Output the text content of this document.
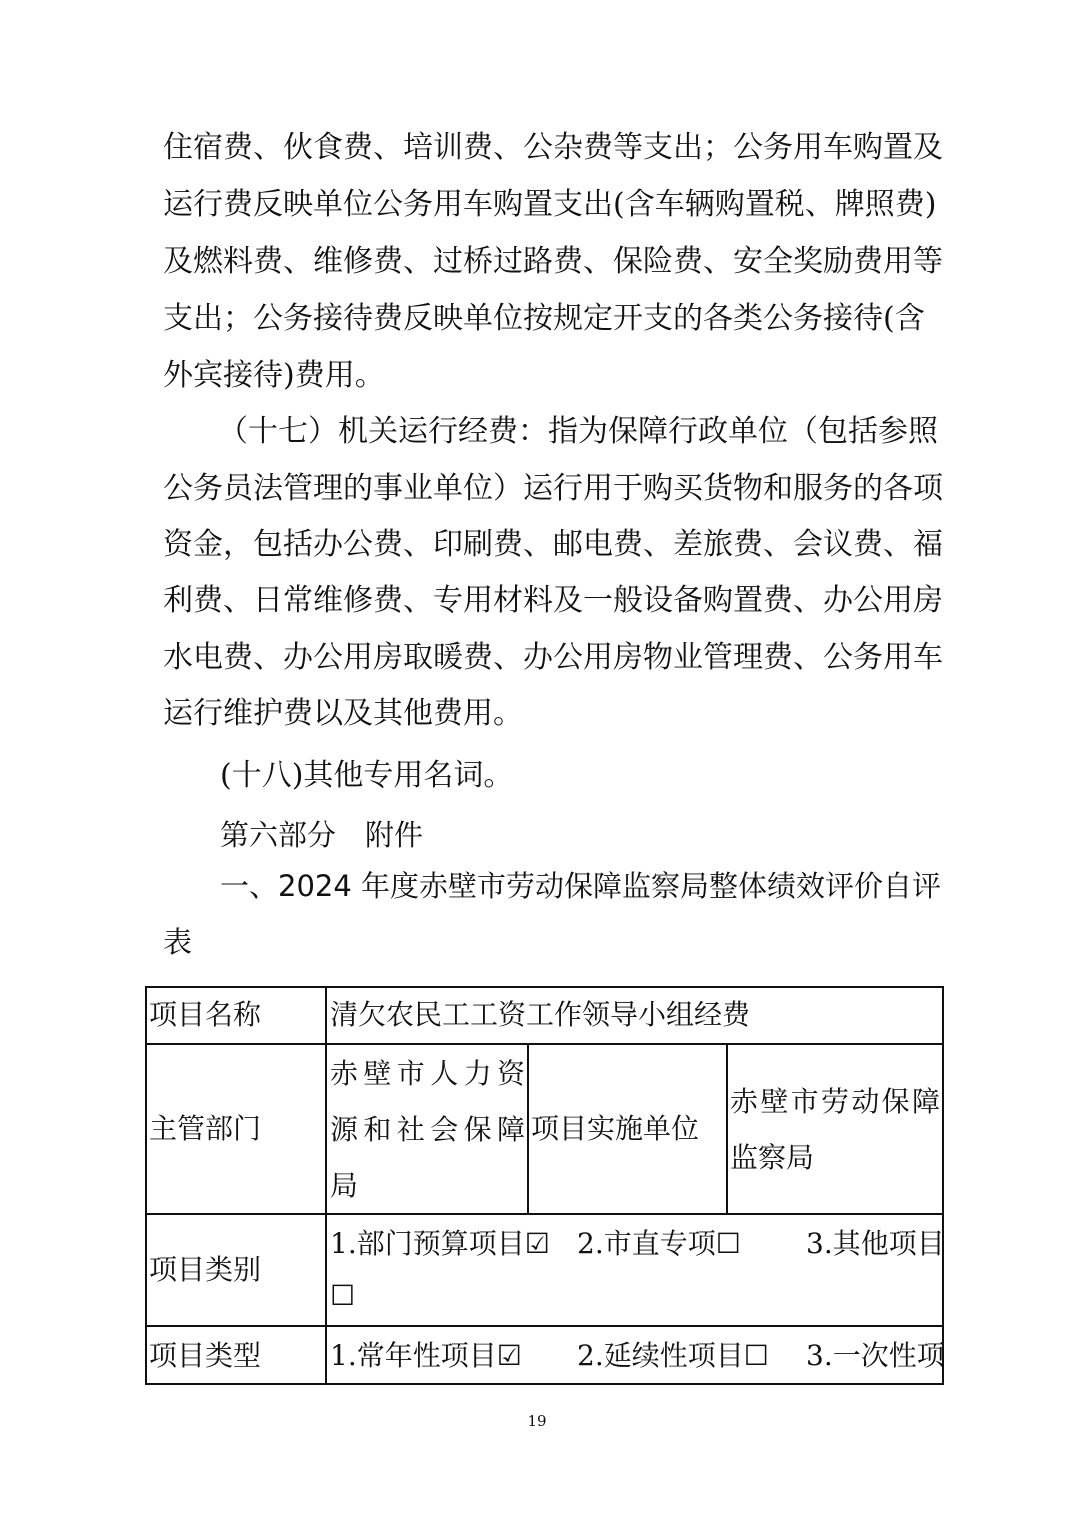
住宿费、伙食费、培训费、公杂费等支出；公务用车购置及
运行费反映单位公务用车购置支出(含车辆购置税、牌照费)
及燃料费、维修费、过桥过路费、保险费、安全奖励费用等
支出；公务接待费反映单位按规定开支的各类公务接待(含
外宾接待)费用。
（十七）机关运行经费：指为保障行政单位（包括参照
公务员法管理的事业单位）运行用于购买货物和服务的各项
资金，包括办公费、印刷费、邮电费、差旅费、会议费、福
利费、日常维修费、专用材料及一般设备购置费、办公用房
水电费、办公用房取暖费、办公用房物业管理费、公务用车
运行维护费以及其他费用。
(十八)其他专用名词。
第六部分　附件
一、2024 年度赤壁市劳动保障监察局整体绩效评价自评
表
项目名称 清欠农民工工资工作领导小组经费
主管部门
赤壁市人力资
源和社会保障
局
项目实施单位
赤壁市劳动保障
监察局
项目类别
1.部门预算项目☑ 2.市直专项☐ 3.其他项目
☐
项目类型 1.常年性项目☑ 2.延续性项目☐ 3.一次性项
19
